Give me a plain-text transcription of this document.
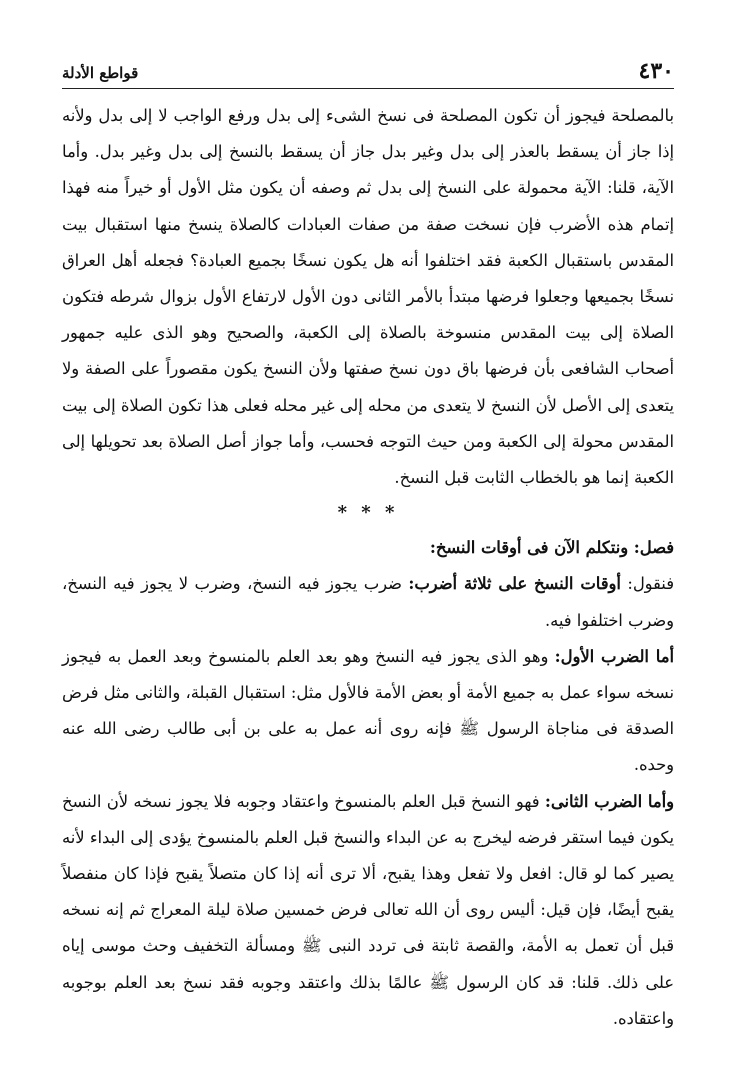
٤٣٠
قواطع الأدلة

بالمصلحة فيجوز أن تكون المصلحة فى نسخ الشىء إلى بدل ورفع الواجب لا إلى بدل ولأنه إذا جاز أن يسقط بالعذر إلى بدل وغير بدل جاز أن يسقط بالنسخ إلى بدل وغير بدل. وأما الآية، قلنا: الآية محمولة على النسخ إلى بدل ثم وصفه أن يكون مثل الأول أو خيراً منه فهذا إتمام هذه الأضرب فإن نسخت صفة من صفات العبادات كالصلاة ينسخ منها استقبال بيت المقدس باستقبال الكعبة فقد اختلفوا أنه هل يكون نسخًا بجميع العبادة؟ فجعله أهل العراق نسخًا بجميعها وجعلوا فرضها مبتدأ بالأمر الثانى دون الأول لارتفاع الأول بزوال شرطه فتكون الصلاة إلى بيت المقدس منسوخة بالصلاة إلى الكعبة، والصحيح وهو الذى عليه جمهور أصحاب الشافعى بأن فرضها باق دون نسخ صفتها ولأن النسخ يكون مقصوراً على الصفة ولا يتعدى إلى الأصل لأن النسخ لا يتعدى من محله إلى غير محله فعلى هذا تكون الصلاة إلى بيت المقدس محولة إلى الكعبة ومن حيث التوجه فحسب، وأما جواز أصل الصلاة بعد تحويلها إلى الكعبة إنما هو بالخطاب الثابت قبل النسخ.

* * *

فصل: ونتكلم الآن فى أوقات النسخ:

فنقول: أوقات النسخ على ثلاثة أضرب: ضرب يجوز فيه النسخ، وضرب لا يجوز فيه النسخ، وضرب اختلفوا فيه.

أما الضرب الأول: وهو الذى يجوز فيه النسخ وهو بعد العلم بالمنسوخ وبعد العمل به فيجوز نسخه سواء عمل به جميع الأمة أو بعض الأمة فالأول مثل: استقبال القبلة، والثانى مثل فرض الصدقة فى مناجاة الرسول ﷺ فإنه روى أنه عمل به على بن أبى طالب رضى الله عنه وحده.

وأما الضرب الثانى: فهو النسخ قبل العلم بالمنسوخ واعتقاد وجوبه فلا يجوز نسخه لأن النسخ يكون فيما استقر فرضه ليخرج به عن البداء والنسخ قبل العلم بالمنسوخ يؤدى إلى البداء لأنه يصير كما لو قال: افعل ولا تفعل وهذا يقبح، ألا ترى أنه إذا كان متصلاً يقبح فإذا كان منفصلاً يقبح أيضًا، فإن قيل: أليس روى أن الله تعالى فرض خمسين صلاة ليلة المعراج ثم إنه نسخه قبل أن تعمل به الأمة، والقصة ثابتة فى تردد النبى ﷺ ومسألة التخفيف وحث موسى إياه على ذلك. قلنا: قد كان الرسول ﷺ عالمًا بذلك واعتقد وجوبه فقد نسخ بعد العلم بوجوبه واعتقاده.
